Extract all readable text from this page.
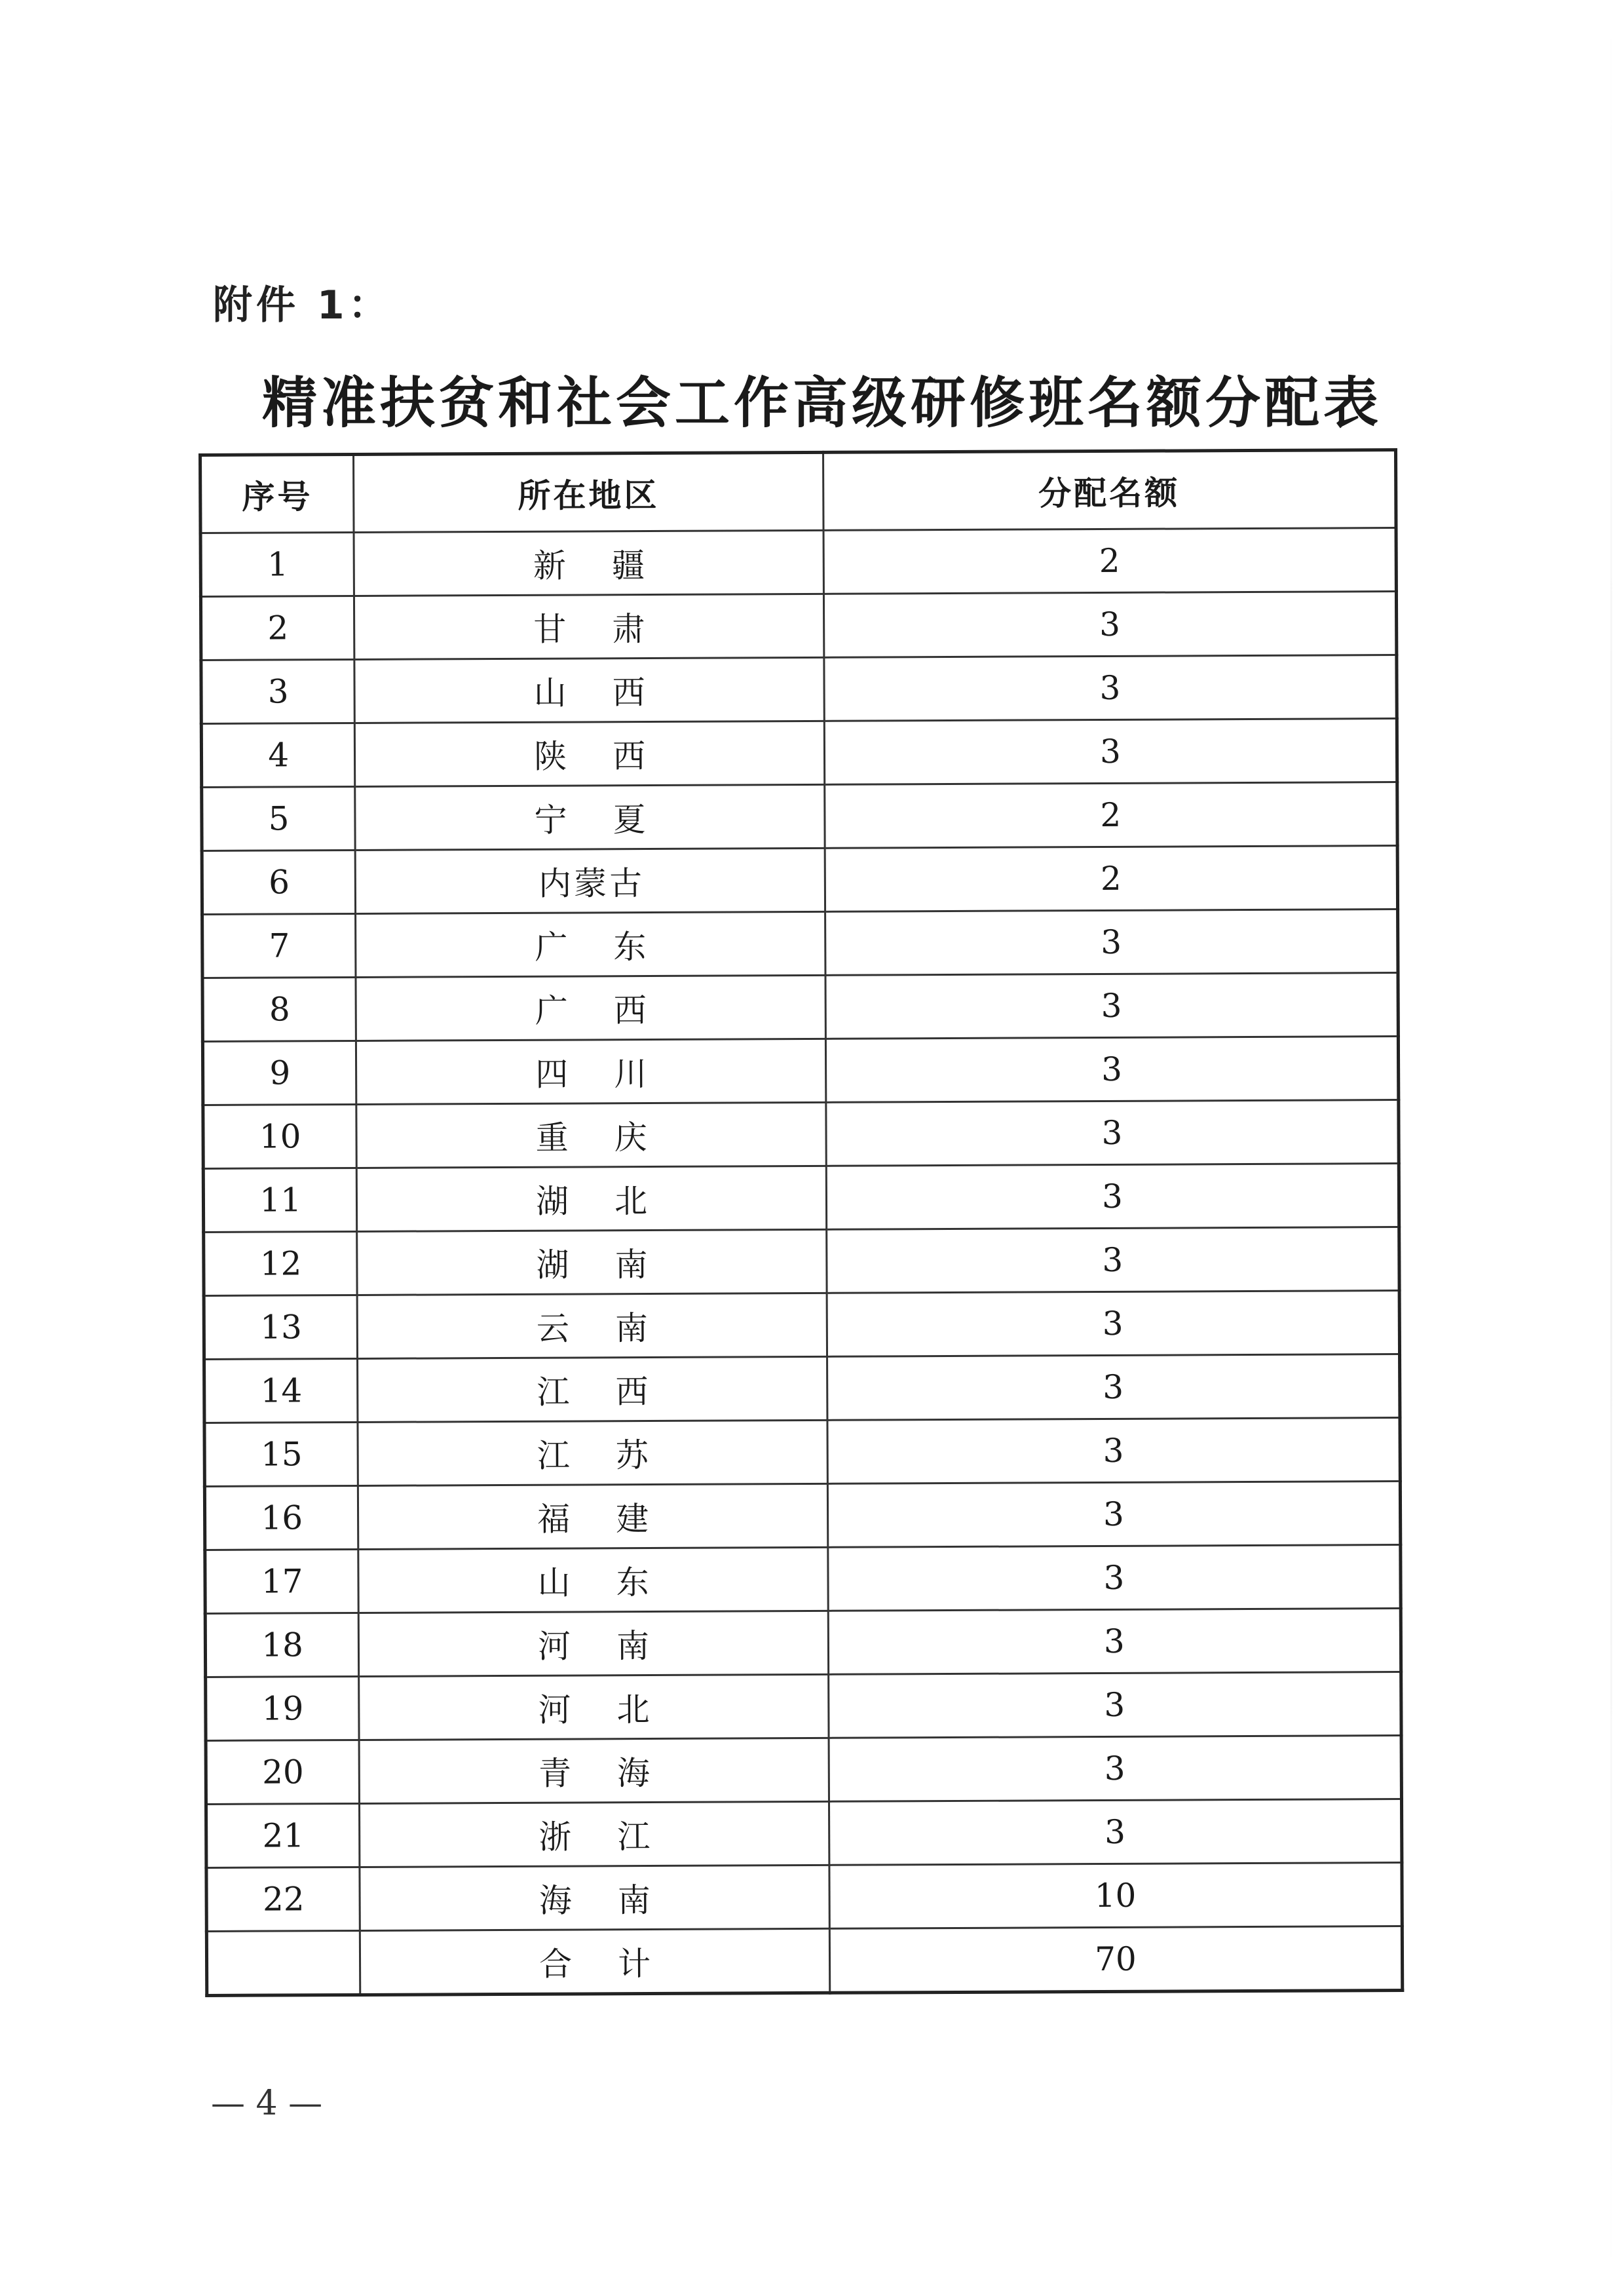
附件 1：
精准扶贫和社会工作高级研修班名额分配表
序号	所在地区	分配名额
1	新疆	2
2	甘肃	3
3	山西	3
4	陕西	3
5	宁夏	2
6	内蒙古	2
7	广东	3
8	广西	3
9	四川	3
10	重庆	3
11	湖北	3
12	湖南	3
13	云南	3
14	江西	3
15	江苏	3
16	福建	3
17	山东	3
18	河南	3
19	河北	3
20	青海	3
21	浙江	3
22	海南	10
	合计	70
— 4 —
